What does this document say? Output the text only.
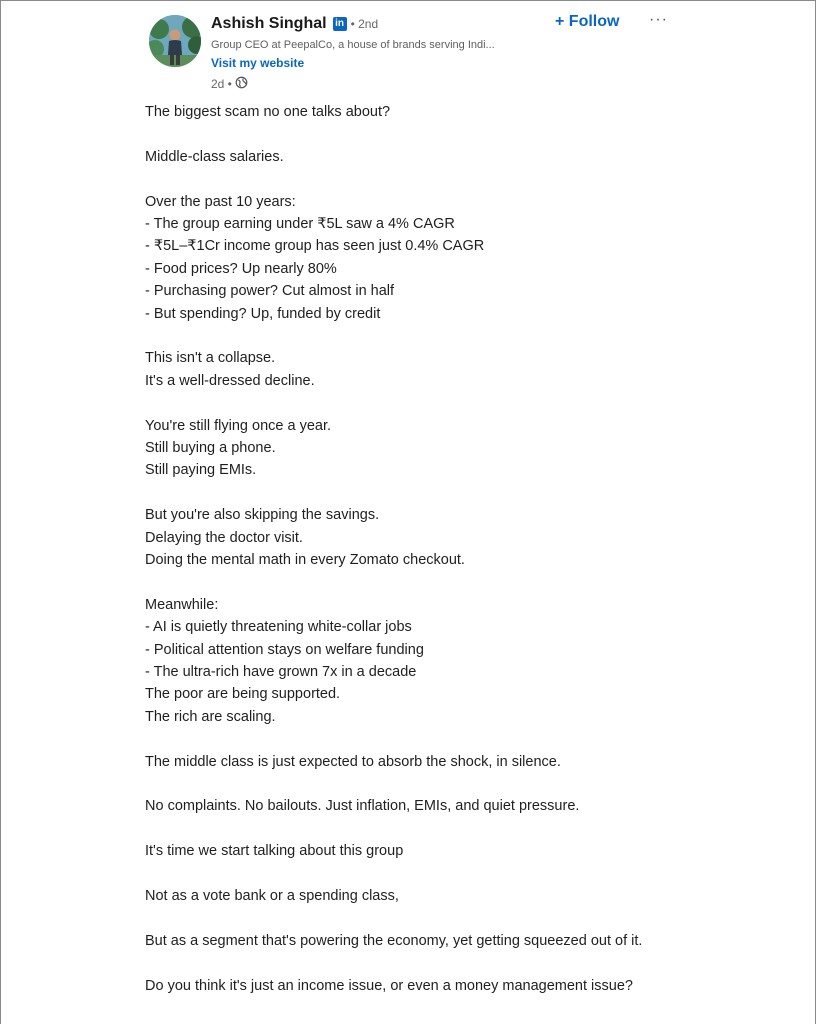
Ashish Singhal in • 2nd
Group CEO at PeepalCo, a house of brands serving Indi...
Visit my website
2d •
+ Follow ···
The biggest scam no one talks about?
Middle-class salaries.
Over the past 10 years:
- The group earning under ₹5L saw a 4% CAGR
- ₹5L–₹1Cr income group has seen just 0.4% CAGR
- Food prices? Up nearly 80%
- Purchasing power? Cut almost in half
- But spending? Up, funded by credit
This isn't a collapse.
It's a well-dressed decline.
You're still flying once a year.
Still buying a phone.
Still paying EMIs.
But you're also skipping the savings.
Delaying the doctor visit.
Doing the mental math in every Zomato checkout.
Meanwhile:
- AI is quietly threatening white-collar jobs
- Political attention stays on welfare funding
- The ultra-rich have grown 7x in a decade
The poor are being supported.
The rich are scaling.
The middle class is just expected to absorb the shock, in silence.
No complaints. No bailouts. Just inflation, EMIs, and quiet pressure.
It's time we start talking about this group
Not as a vote bank or a spending class,
But as a segment that's powering the economy, yet getting squeezed out of it.
Do you think it's just an income issue, or even a money management issue?
